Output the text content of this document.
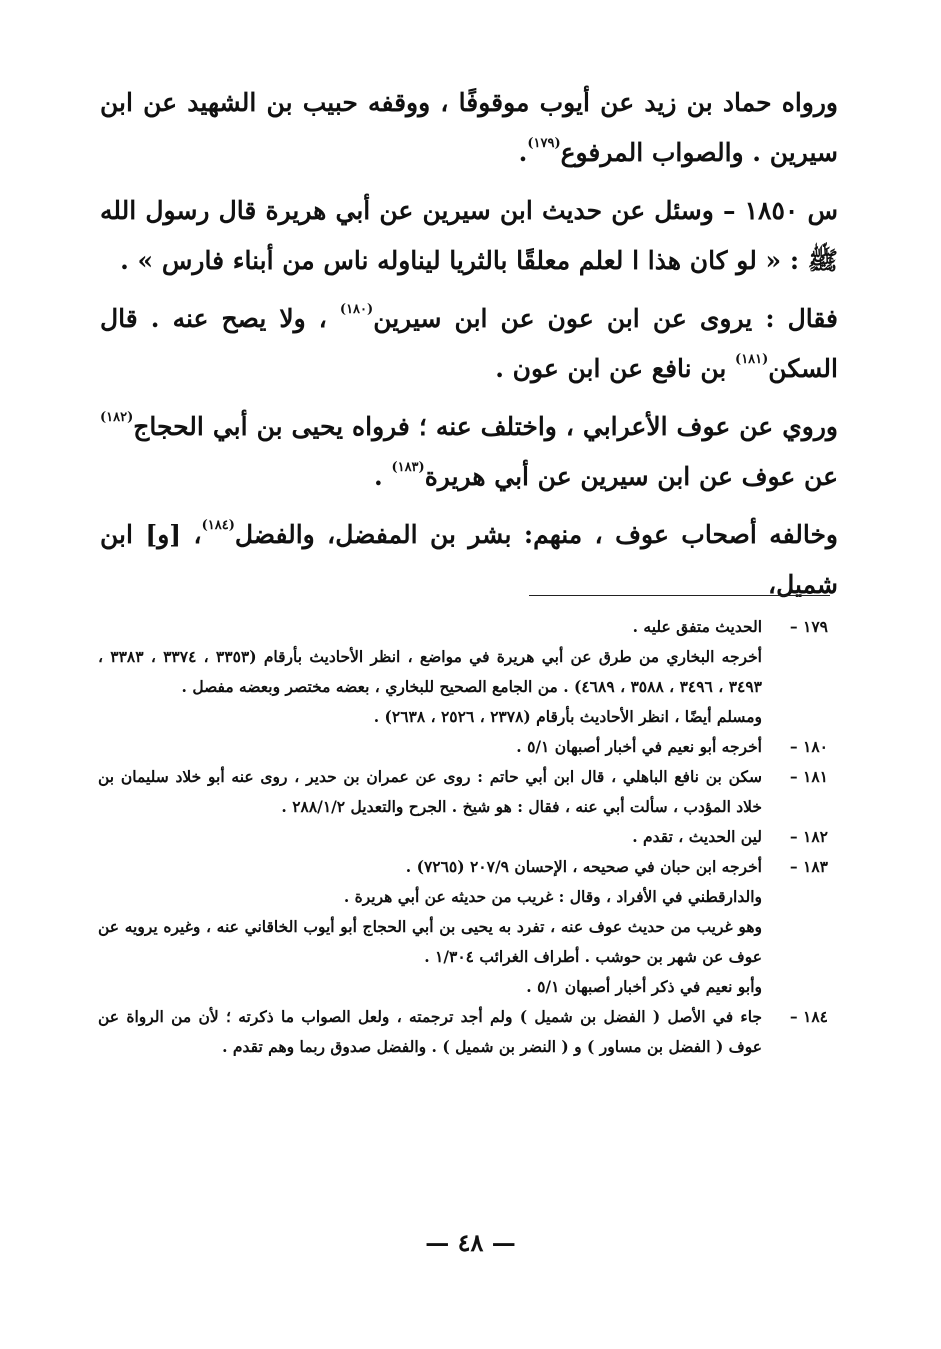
ورواه حماد بن زيد عن أيوب موقوفًا ، ووقفه حبيب بن الشهيد عن ابن سيرين . والصواب المرفوع$^{(١٧٩)}$.

س ١٨٥٠ – وسئل عن حديث ابن سيرين عن أبي هريرة قال رسول الله ﷺ : « لو كان هذا ا لعلم معلقًا بالثريا ليناوله ناس من أبناء فارس » .

فقال : يروى عن ابن عون عن ابن سيرين$^{(١٨٠)}$ ، ولا يصح عنه . قال السكن$^{(١٨١)}$ بن نافع عن ابن عون .

وروي عن عوف الأعرابي ، واختلف عنه ؛ فرواه يحيى بن أبي الحجاج$^{(١٨٢)}$ عن عوف عن ابن سيرين عن أبي هريرة$^{(١٨٣)}$ .

وخالفه أصحاب عوف ، منهم: بشر بن المفضل، والفضل$^{(١٨٤)}$، [و] ابن شميل،

١٧٩ –
الحديث متفق عليه .
أخرجه البخاري من طرق عن أبي هريرة في مواضع ، انظر الأحاديث بأرقام (٣٣٥٣ ، ٣٣٧٤ ، ٣٣٨٣ ، ٣٤٩٣ ، ٣٤٩٦ ، ٣٥٨٨ ، ٤٦٨٩) . من الجامع الصحيح للبخاري ، بعضه مختصر وبعضه مفصل .
ومسلم أيضًا ، انظر الأحاديث بأرقام (٢٣٧٨ ، ٢٥٢٦ ، ٢٦٣٨) .
١٨٠ –
أخرجه أبو نعيم في أخبار أصبهان ٥/١ .
١٨١ –
سكن بن نافع الباهلي ، قال ابن أبي حاتم : روى عن عمران بن حدير ، روى عنه أبو خلاد سليمان بن خلاد المؤدب ، سألت أبي عنه ، فقال : هو شيخ . الجرح والتعديل ٢٨٨/١/٢ .
١٨٢ –
لين الحديث ، تقدم .
١٨٣ –
أخرجه ابن حبان في صحيحه ، الإحسان ٢٠٧/٩ (٧٢٦٥) .
والدارقطني في الأفراد ، وقال : غريب من حديثه عن أبي هريرة .
وهو غريب من حديث عوف عنه ، تفرد به يحيى بن أبي الحجاج أبو أيوب الخاقاني عنه ، وغيره يرويه عن عوف عن شهر بن حوشب . أطراف الغرائب ١/٣٠٤ .
وأبو نعيم في ذكر أخبار أصبهان ٥/١ .
١٨٤ –
جاء في الأصل ( الفضل بن شميل ) ولم أجد ترجمته ، ولعل الصواب ما ذكرته ؛ لأن من الرواة عن عوف ( الفضل بن مساور ) و ( النضر بن شميل ) . والفضل صدوق ربما وهم تقدم .
— ٤٨ —
